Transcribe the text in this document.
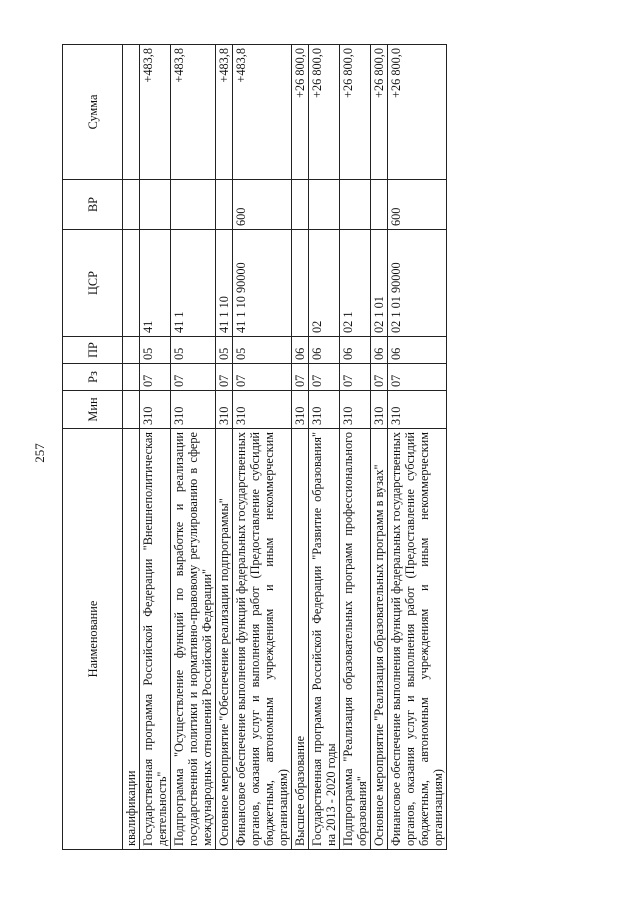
257
Наименование	Мин	Рз	ПР	ЦСР	ВР	Сумма
квалификации						
Государственная программа Российской Федерации "Внешнеполитическая деятельность"	310	07	05	41		+483,8
Подпрограмма "Осуществление функций по выработке и реализации государственной политики и нормативно-правовому регулированию в сфере международных отношений Российской Федерации"	310	07	05	41 1		+483,8
Основное мероприятие "Обеспечение реализации подпрограммы"	310	07	05	41 1 10		+483,8
Финансовое обеспечение выполнения функций федеральных государственных органов, оказания услуг и выполнения работ (Предоставление субсидий бюджетным, автономным учреждениям и иным некоммерческим организациям)	310	07	05	41 1 10 90000	600	+483,8
Высшее образование	310	07	06			+26 800,0
Государственная программа Российской Федерации "Развитие образования" на 2013 - 2020 годы	310	07	06	02		+26 800,0
Подпрограмма "Реализация образовательных программ профессионального образования"	310	07	06	02 1		+26 800,0
Основное мероприятие "Реализация образовательных программ в вузах"	310	07	06	02 1 01		+26 800,0
Финансовое обеспечение выполнения функций федеральных государственных органов, оказания услуг и выполнения работ (Предоставление субсидий бюджетным, автономным учреждениям и иным некоммерческим организациям)	310	07	06	02 1 01 90000	600	+26 800,0
